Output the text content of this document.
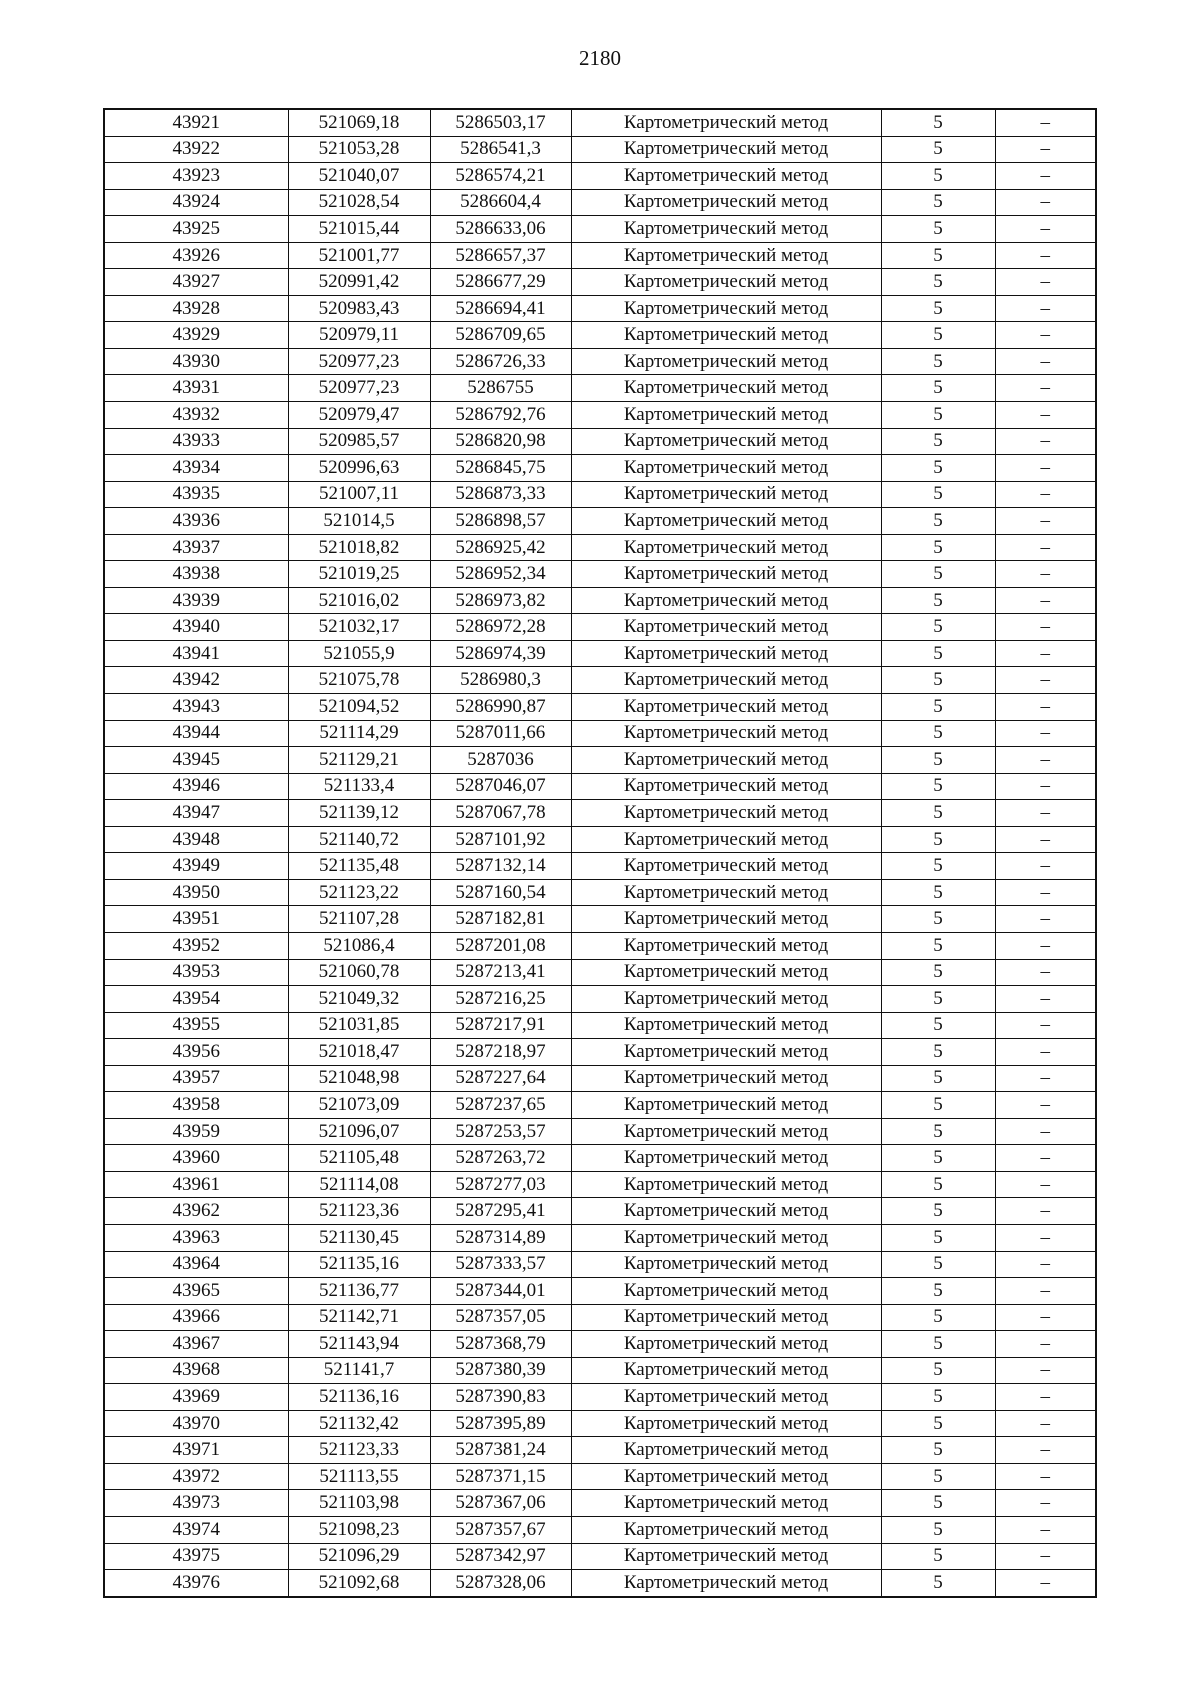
2180
43921	521069,18	5286503,17	Картометрический метод	5	–
43922	521053,28	5286541,3	Картометрический метод	5	–
43923	521040,07	5286574,21	Картометрический метод	5	–
43924	521028,54	5286604,4	Картометрический метод	5	–
43925	521015,44	5286633,06	Картометрический метод	5	–
43926	521001,77	5286657,37	Картометрический метод	5	–
43927	520991,42	5286677,29	Картометрический метод	5	–
43928	520983,43	5286694,41	Картометрический метод	5	–
43929	520979,11	5286709,65	Картометрический метод	5	–
43930	520977,23	5286726,33	Картометрический метод	5	–
43931	520977,23	5286755	Картометрический метод	5	–
43932	520979,47	5286792,76	Картометрический метод	5	–
43933	520985,57	5286820,98	Картометрический метод	5	–
43934	520996,63	5286845,75	Картометрический метод	5	–
43935	521007,11	5286873,33	Картометрический метод	5	–
43936	521014,5	5286898,57	Картометрический метод	5	–
43937	521018,82	5286925,42	Картометрический метод	5	–
43938	521019,25	5286952,34	Картометрический метод	5	–
43939	521016,02	5286973,82	Картометрический метод	5	–
43940	521032,17	5286972,28	Картометрический метод	5	–
43941	521055,9	5286974,39	Картометрический метод	5	–
43942	521075,78	5286980,3	Картометрический метод	5	–
43943	521094,52	5286990,87	Картометрический метод	5	–
43944	521114,29	5287011,66	Картометрический метод	5	–
43945	521129,21	5287036	Картометрический метод	5	–
43946	521133,4	5287046,07	Картометрический метод	5	–
43947	521139,12	5287067,78	Картометрический метод	5	–
43948	521140,72	5287101,92	Картометрический метод	5	–
43949	521135,48	5287132,14	Картометрический метод	5	–
43950	521123,22	5287160,54	Картометрический метод	5	–
43951	521107,28	5287182,81	Картометрический метод	5	–
43952	521086,4	5287201,08	Картометрический метод	5	–
43953	521060,78	5287213,41	Картометрический метод	5	–
43954	521049,32	5287216,25	Картометрический метод	5	–
43955	521031,85	5287217,91	Картометрический метод	5	–
43956	521018,47	5287218,97	Картометрический метод	5	–
43957	521048,98	5287227,64	Картометрический метод	5	–
43958	521073,09	5287237,65	Картометрический метод	5	–
43959	521096,07	5287253,57	Картометрический метод	5	–
43960	521105,48	5287263,72	Картометрический метод	5	–
43961	521114,08	5287277,03	Картометрический метод	5	–
43962	521123,36	5287295,41	Картометрический метод	5	–
43963	521130,45	5287314,89	Картометрический метод	5	–
43964	521135,16	5287333,57	Картометрический метод	5	–
43965	521136,77	5287344,01	Картометрический метод	5	–
43966	521142,71	5287357,05	Картометрический метод	5	–
43967	521143,94	5287368,79	Картометрический метод	5	–
43968	521141,7	5287380,39	Картометрический метод	5	–
43969	521136,16	5287390,83	Картометрический метод	5	–
43970	521132,42	5287395,89	Картометрический метод	5	–
43971	521123,33	5287381,24	Картометрический метод	5	–
43972	521113,55	5287371,15	Картометрический метод	5	–
43973	521103,98	5287367,06	Картометрический метод	5	–
43974	521098,23	5287357,67	Картометрический метод	5	–
43975	521096,29	5287342,97	Картометрический метод	5	–
43976	521092,68	5287328,06	Картометрический метод	5	–
